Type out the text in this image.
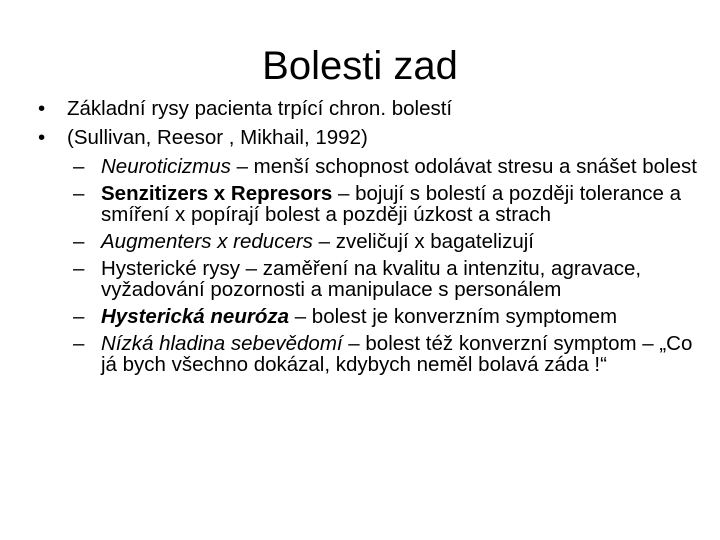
Bolesti zad
• Základní rysy pacienta trpící chron. bolestí
• (Sullivan, Reesor , Mikhail, 1992)
– Neuroticizmus – menší schopnost odolávat stresu a snášet bolest
– Senzitizers x Represors – bojují s bolestí a později tolerance a smíření x popírají bolest a později úzkost a strach
– Augmenters x reducers – zveličují x bagatelizují
– Hysterické rysy – zaměření na kvalitu a intenzitu, agravace, vyžadování pozornosti a manipulace s personálem
– Hysterická neuróza – bolest je konverzním symptomem
– Nízká hladina sebevědomí – bolest též konverzní symptom – „Co já bych všechno dokázal, kdybych neměl bolavá záda !“
